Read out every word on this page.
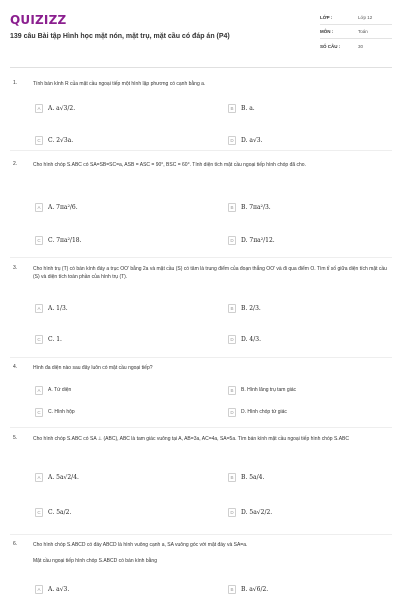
QUIZIZZ
139 câu Bài tập Hình học mặt nón, mặt trụ, mặt cầu có đáp án (P4)
LỚP :	Lớp 12
MÔN :	Toán
SỐ CÂU :	30
1.	Tính bán kính R của mặt cầu ngoại tiếp một hình lập phương có cạnh bằng a.
A	A. a√3/2.	B	B. a.
C	C. 2√3a.	D	D. a√3.
2.	Cho hình chóp S.ABC có SA=SB=SC=a, ASB = ASC = 90°, BSC = 60°. Tính diện tích mặt cầu ngoại tiếp hình chóp đã cho.
A	A. 7πa²/6.	B	B. 7πa²/3.
C	C. 7πa²/18.	D	D. 7πa²/12.
3.	Cho hình trụ (T) có bán kính đáy a trục OO' bằng 2a và mặt cầu (S) có tâm là trung điểm của đoạn thẳng OO' và đi qua điểm O. Tìm tỉ số giữa diện tích mặt cầu (S) và diện tích toàn phần của hình trụ (T).
A	A. 1/3.	B	B. 2/3.
C	C. 1.	D	D. 4/3.
4.	Hình đa diện nào sau đây luôn có mặt cầu ngoại tiếp?
A	A. Tứ diện	B	B. Hình lăng trụ tam giác
C	C. Hình hộp	D	D. Hình chóp tứ giác
5.	Cho hình chóp S.ABC có SA ⊥ (ABC), ABC là tam giác vuông tại A, AB=3a, AC=4a, SA=5a. Tìm bán kính mặt cầu ngoại tiếp hình chóp S.ABC
A	A. 5a√2/4.	B	B. 5a/4.
C	C. 5a/2.	D	D. 5a√2/2.
6.	Cho hình chóp S.ABCD có đáy ABCD là hình vuông cạnh a, SA vuông góc với mặt đáy và SA=a.
Mặt cầu ngoại tiếp hình chóp S.ABCD có bán kính bằng
A	A. a√3.	B	B. a√6/2.
